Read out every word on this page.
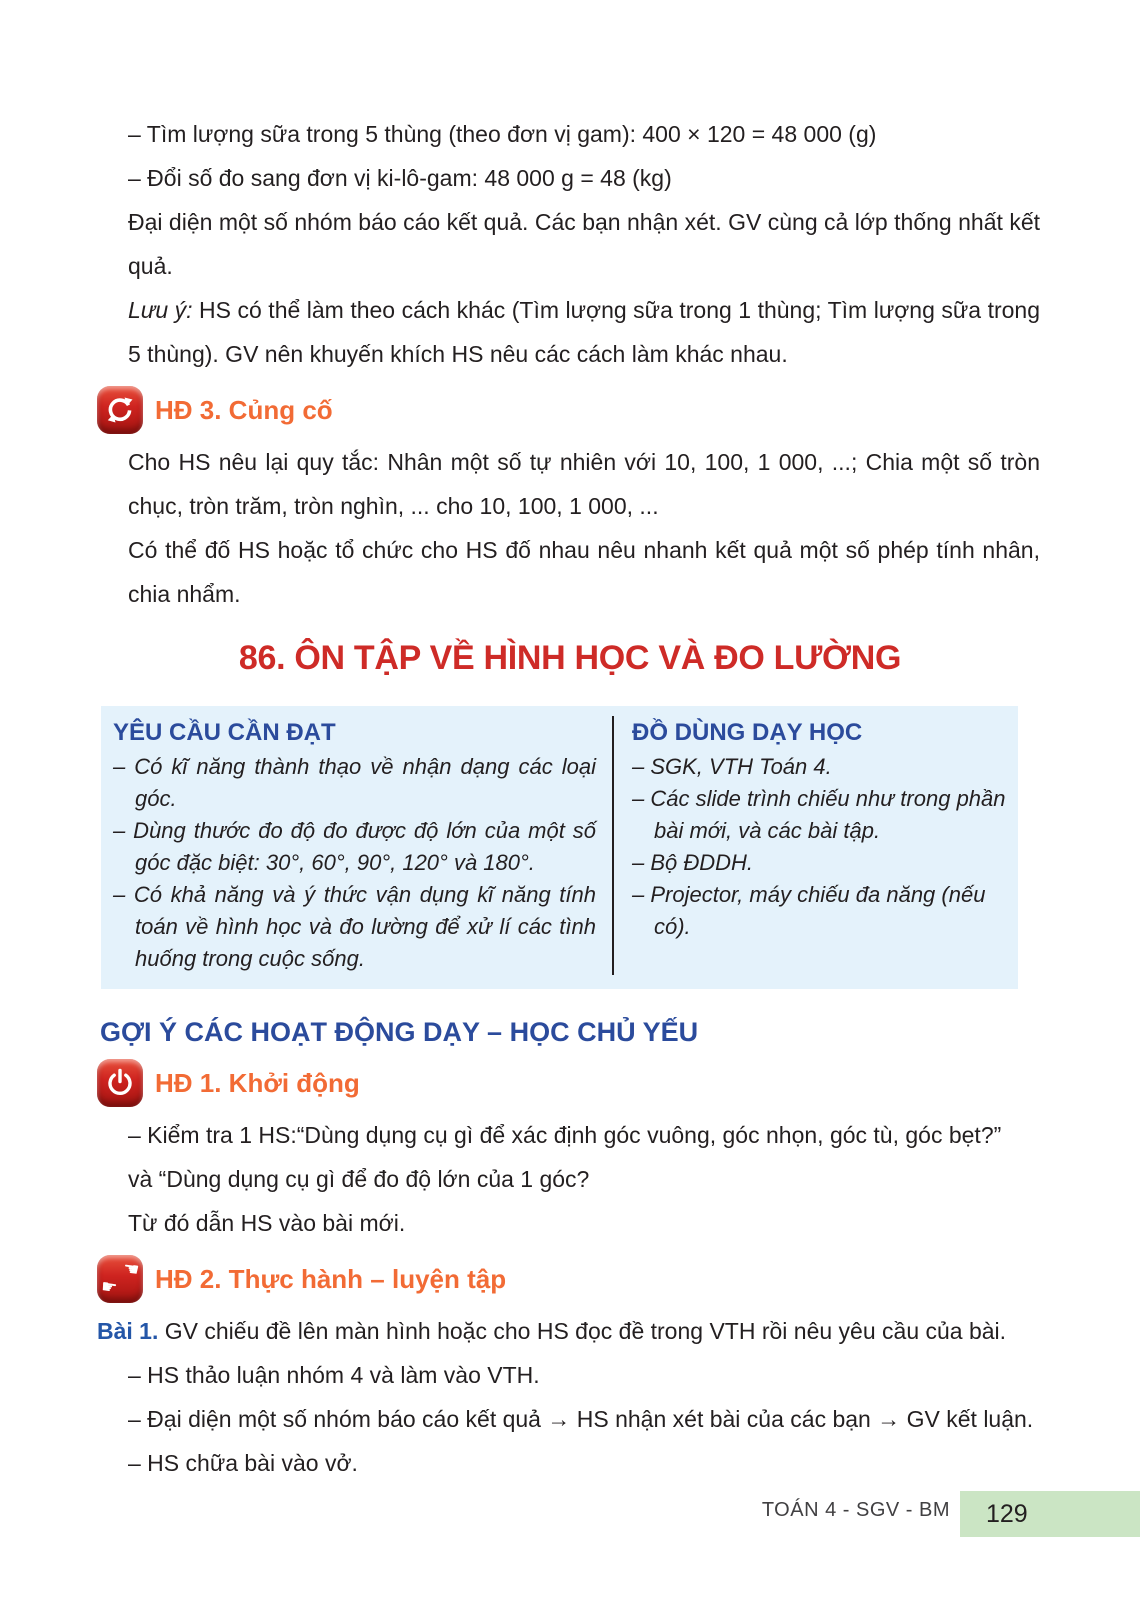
– Tìm lượng sữa trong 5 thùng (theo đơn vị gam): 400 × 120 = 48 000 (g)

– Đổi số đo sang đơn vị ki-lô-gam: 48 000 g = 48 (kg)

Đại diện một số nhóm báo cáo kết quả. Các bạn nhận xét. GV cùng cả lớp thống nhất kết quả.

Lưu ý: HS có thể làm theo cách khác (Tìm lượng sữa trong 1 thùng; Tìm lượng sữa trong 5 thùng). GV nên khuyến khích HS nêu các cách làm khác nhau.

HĐ 3. Củng cố

Cho HS nêu lại quy tắc: Nhân một số tự nhiên với 10, 100, 1 000, ...; Chia một số tròn chục, tròn trăm, tròn nghìn, ... cho 10, 100, 1 000, ...

Có thể đố HS hoặc tổ chức cho HS đố nhau nêu nhanh kết quả một số phép tính nhân, chia nhẩm.

86. ÔN TẬP VỀ HÌNH HỌC VÀ ĐO LƯỜNG
YÊU CẦU CẦN ĐẠT

– Có kĩ năng thành thạo về nhận dạng các loại góc.

– Dùng thước đo độ đo được độ lớn của một số góc đặc biệt: 30°, 60°, 90°, 120° và 180°.

– Có khả năng và ý thức vận dụng kĩ năng tính toán về hình học và đo lường để xử lí các tình huống trong cuộc sống.

ĐỒ DÙNG DẠY HỌC

– SGK, VTH Toán 4.

– Các slide trình chiếu như trong phần bài mới, và các bài tập.

– Bộ ĐDDH.

– Projector, máy chiếu đa năng (nếu có).

GỢI Ý CÁC HOẠT ĐỘNG DẠY – HỌC CHỦ YẾU
HĐ 1. Khởi động

– Kiểm tra 1 HS:“Dùng dụng cụ gì để xác định góc vuông, góc nhọn, góc tù, góc bẹt?”
và “Dùng dụng cụ gì để đo độ lớn của 1 góc?

Từ đó dẫn HS vào bài mới.

☚
☛ HĐ 2. Thực hành – luyện tập

Bài 1. GV chiếu đề lên màn hình hoặc cho HS đọc đề trong VTH rồi nêu yêu cầu của bài.

– HS thảo luận nhóm 4 và làm vào VTH.

– Đại diện một số nhóm báo cáo kết quả → HS nhận xét bài của các bạn → GV kết luận.

– HS chữa bài vào vở.

TOÁN 4 - SGV - BM 129
